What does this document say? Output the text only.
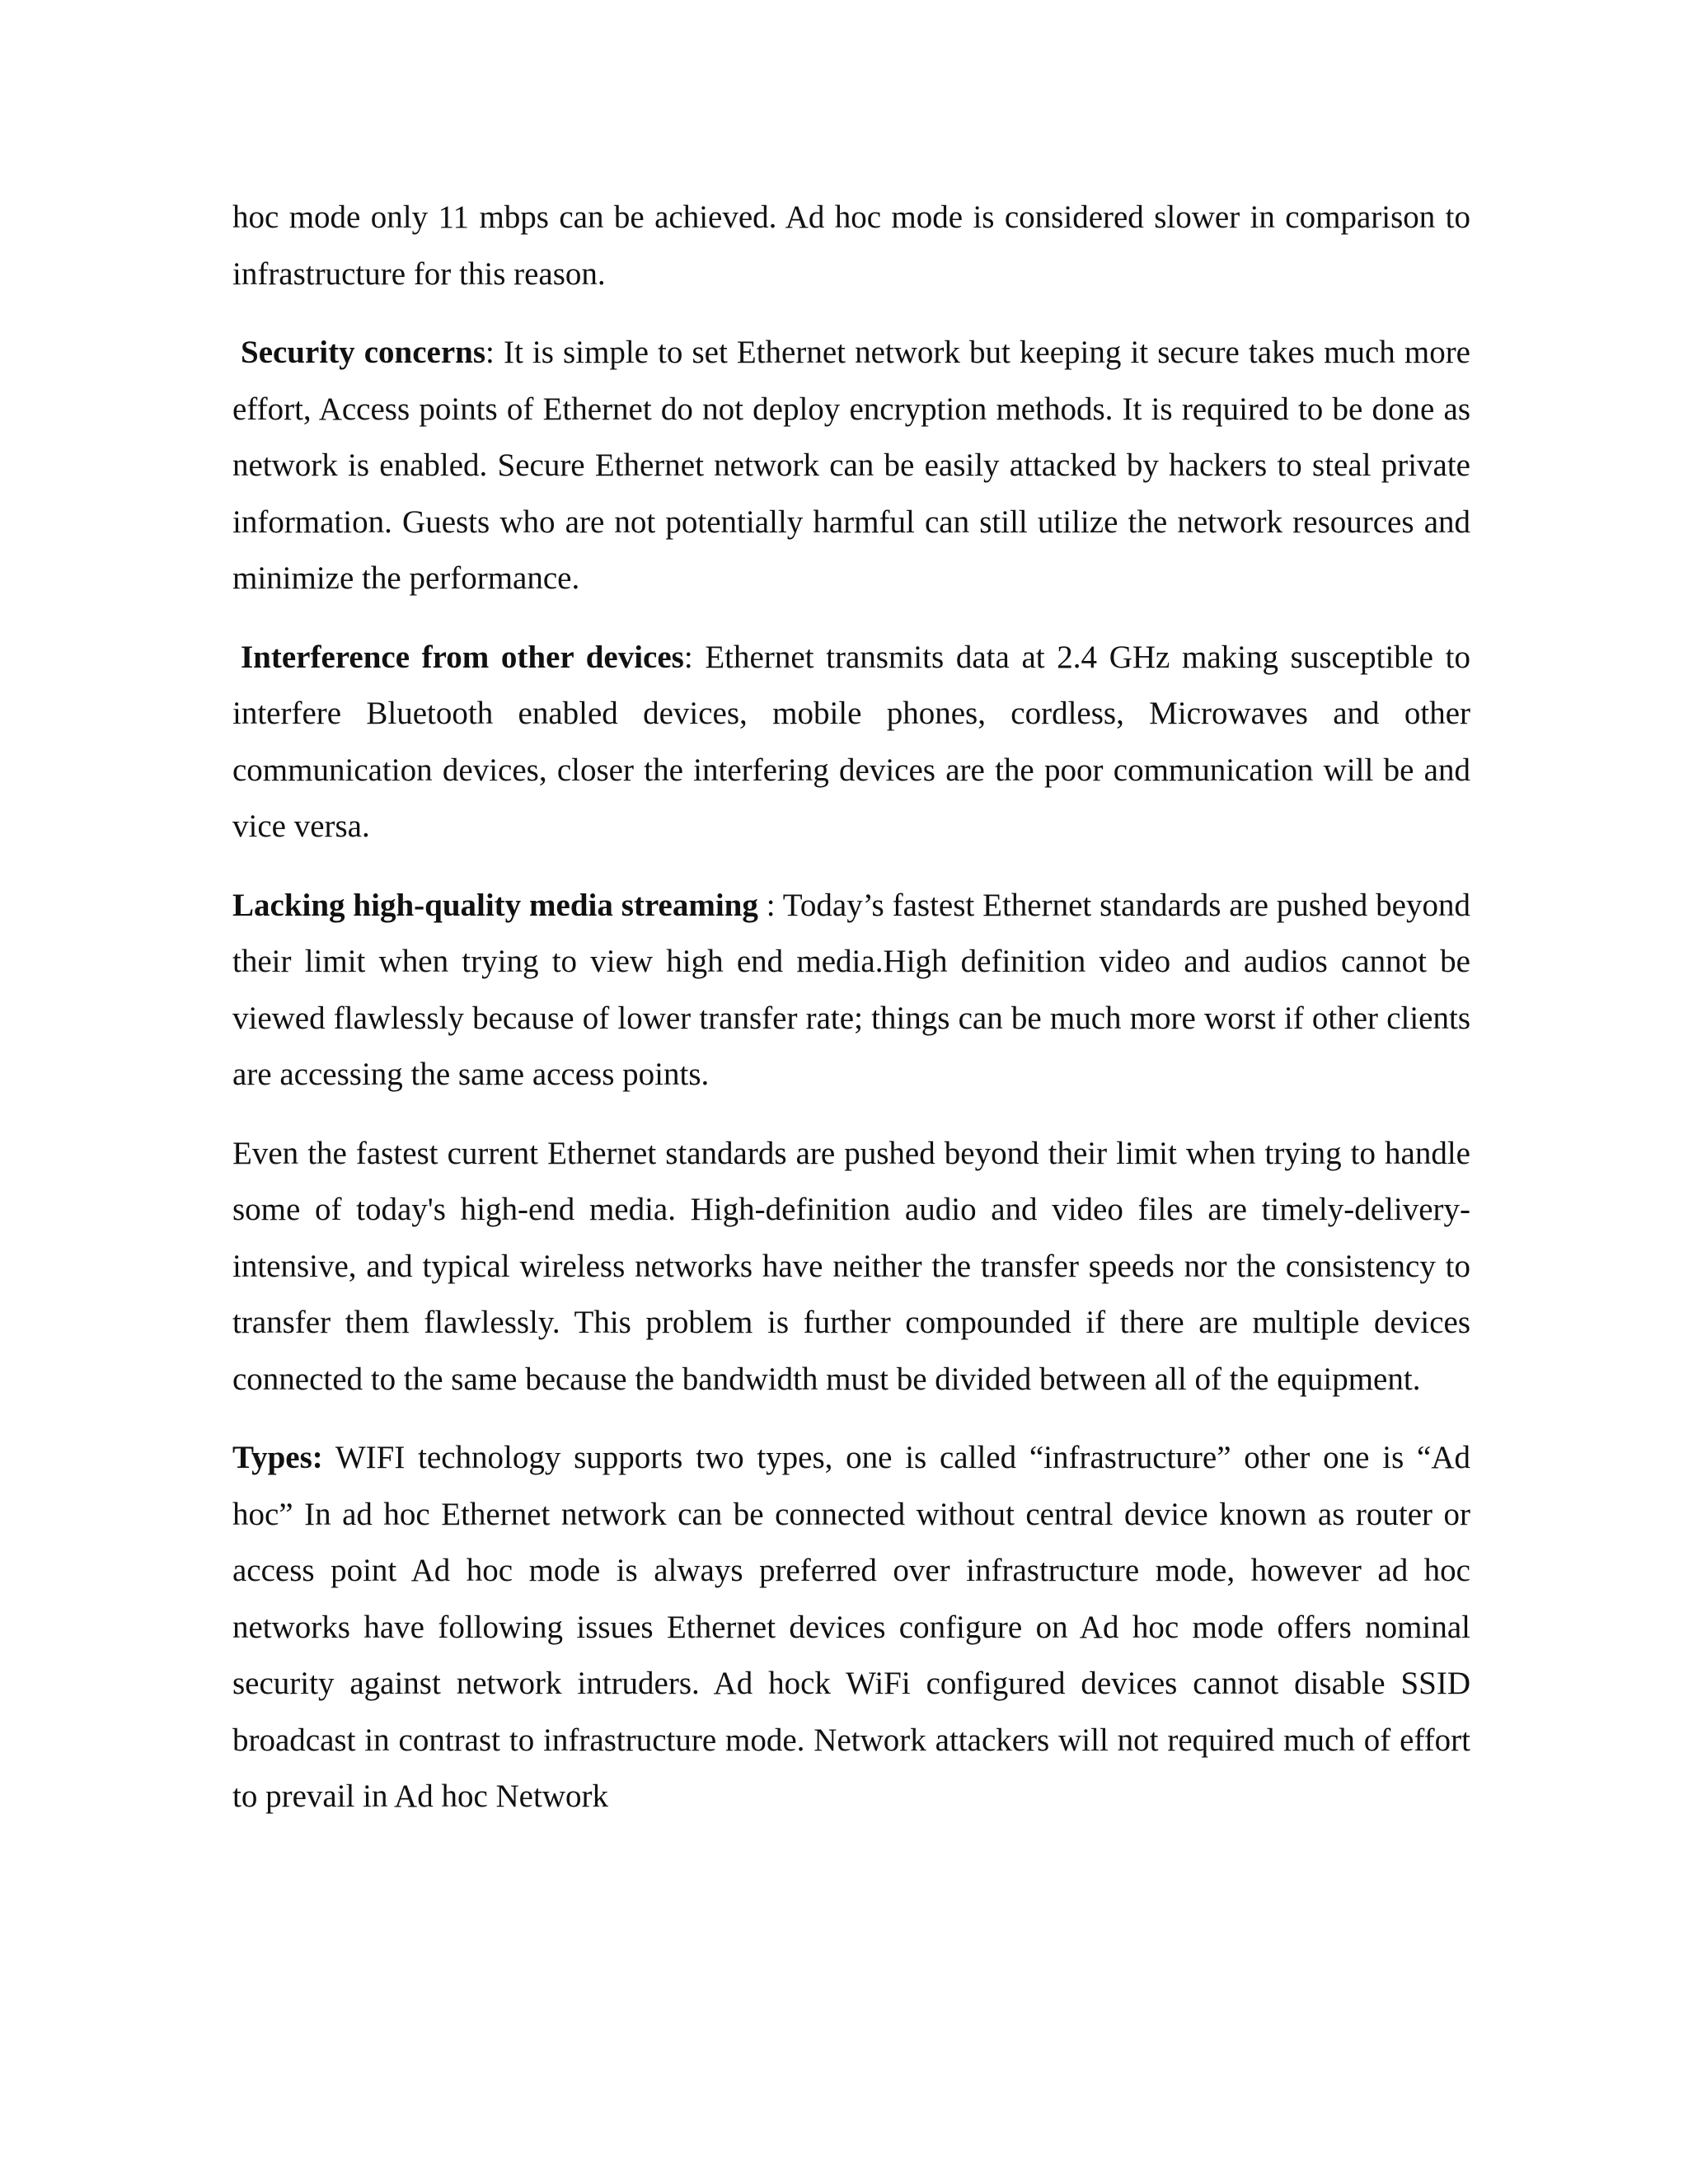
hoc mode only 11 mbps can be achieved. Ad hoc mode is considered slower in comparison to infrastructure for this reason.

Security concerns: It is simple to set Ethernet network but keeping it secure takes much more effort, Access points of Ethernet do not deploy encryption methods. It is required to be done as network is enabled. Secure Ethernet network can be easily attacked by hackers to steal private information. Guests who are not potentially harmful can still utilize the network resources and minimize the performance.

Interference from other devices: Ethernet transmits data at 2.4 GHz making susceptible to interfere Bluetooth enabled devices, mobile phones, cordless, Microwaves and other communication devices, closer the interfering devices are the poor communication will be and vice versa.

Lacking high-quality media streaming : Today’s fastest Ethernet standards are pushed beyond their limit when trying to view high end media.High definition video and audios cannot be viewed flawlessly because of lower transfer rate; things can be much more worst if other clients are accessing the same access points.

Even the fastest current Ethernet standards are pushed beyond their limit when trying to handle some of today's high-end media. High-definition audio and video files are timely-delivery-intensive, and typical wireless networks have neither the transfer speeds nor the consistency to transfer them flawlessly. This problem is further compounded if there are multiple devices connected to the same because the bandwidth must be divided between all of the equipment.

Types: WIFI technology supports two types, one is called “infrastructure” other one is “Ad hoc” In ad hoc Ethernet network can be connected without central device known as router or access point Ad hoc mode is always preferred over infrastructure mode, however ad hoc networks have following issues Ethernet devices configure on Ad hoc mode offers nominal security against network intruders. Ad hock WiFi configured devices cannot disable SSID broadcast in contrast to infrastructure mode. Network attackers will not required much of effort to prevail in Ad hoc Network
